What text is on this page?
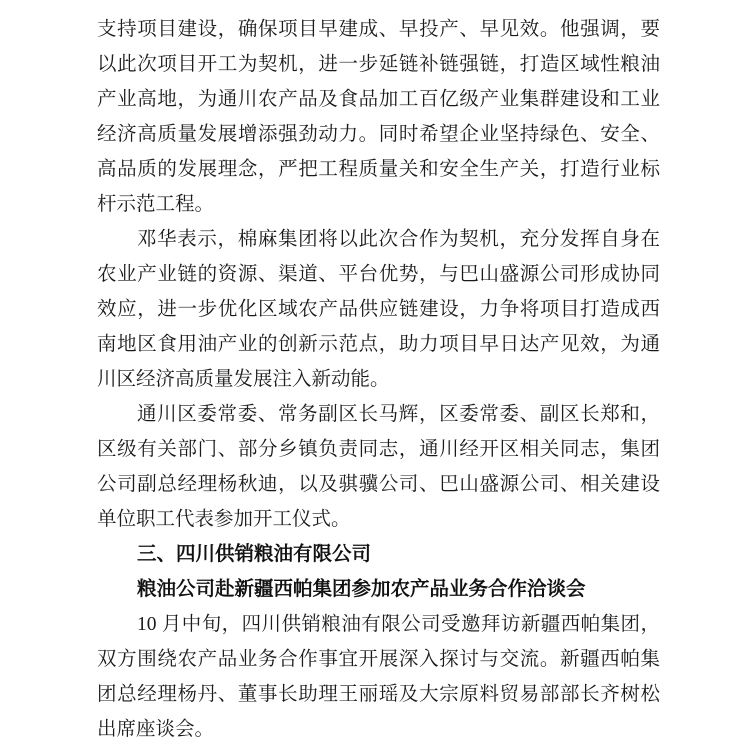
支持项目建设，确保项目早建成、早投产、早见效。他强调，要
以此次项目开工为契机，进一步延链补链强链，打造区域性粮油
产业高地，为通川农产品及食品加工百亿级产业集群建设和工业
经济高质量发展增添强劲动力。同时希望企业坚持绿色、安全、
高品质的发展理念，严把工程质量关和安全生产关，打造行业标
杆示范工程。
邓华表示，棉麻集团将以此次合作为契机，充分发挥自身在
农业产业链的资源、渠道、平台优势，与巴山盛源公司形成协同
效应，进一步优化区域农产品供应链建设，力争将项目打造成西
南地区食用油产业的创新示范点，助力项目早日达产见效，为通
川区经济高质量发展注入新动能。
通川区委常委、常务副区长马辉，区委常委、副区长郑和，
区级有关部门、部分乡镇负责同志，通川经开区相关同志，集团
公司副总经理杨秋迪，以及骐骥公司、巴山盛源公司、相关建设
单位职工代表参加开工仪式。
三、四川供销粮油有限公司
粮油公司赴新疆西帕集团参加农产品业务合作洽谈会
10 月中旬，四川供销粮油有限公司受邀拜访新疆西帕集团，
双方围绕农产品业务合作事宜开展深入探讨与交流。新疆西帕集
团总经理杨丹、董事长助理王丽瑶及大宗原料贸易部部长齐树松
出席座谈会。
